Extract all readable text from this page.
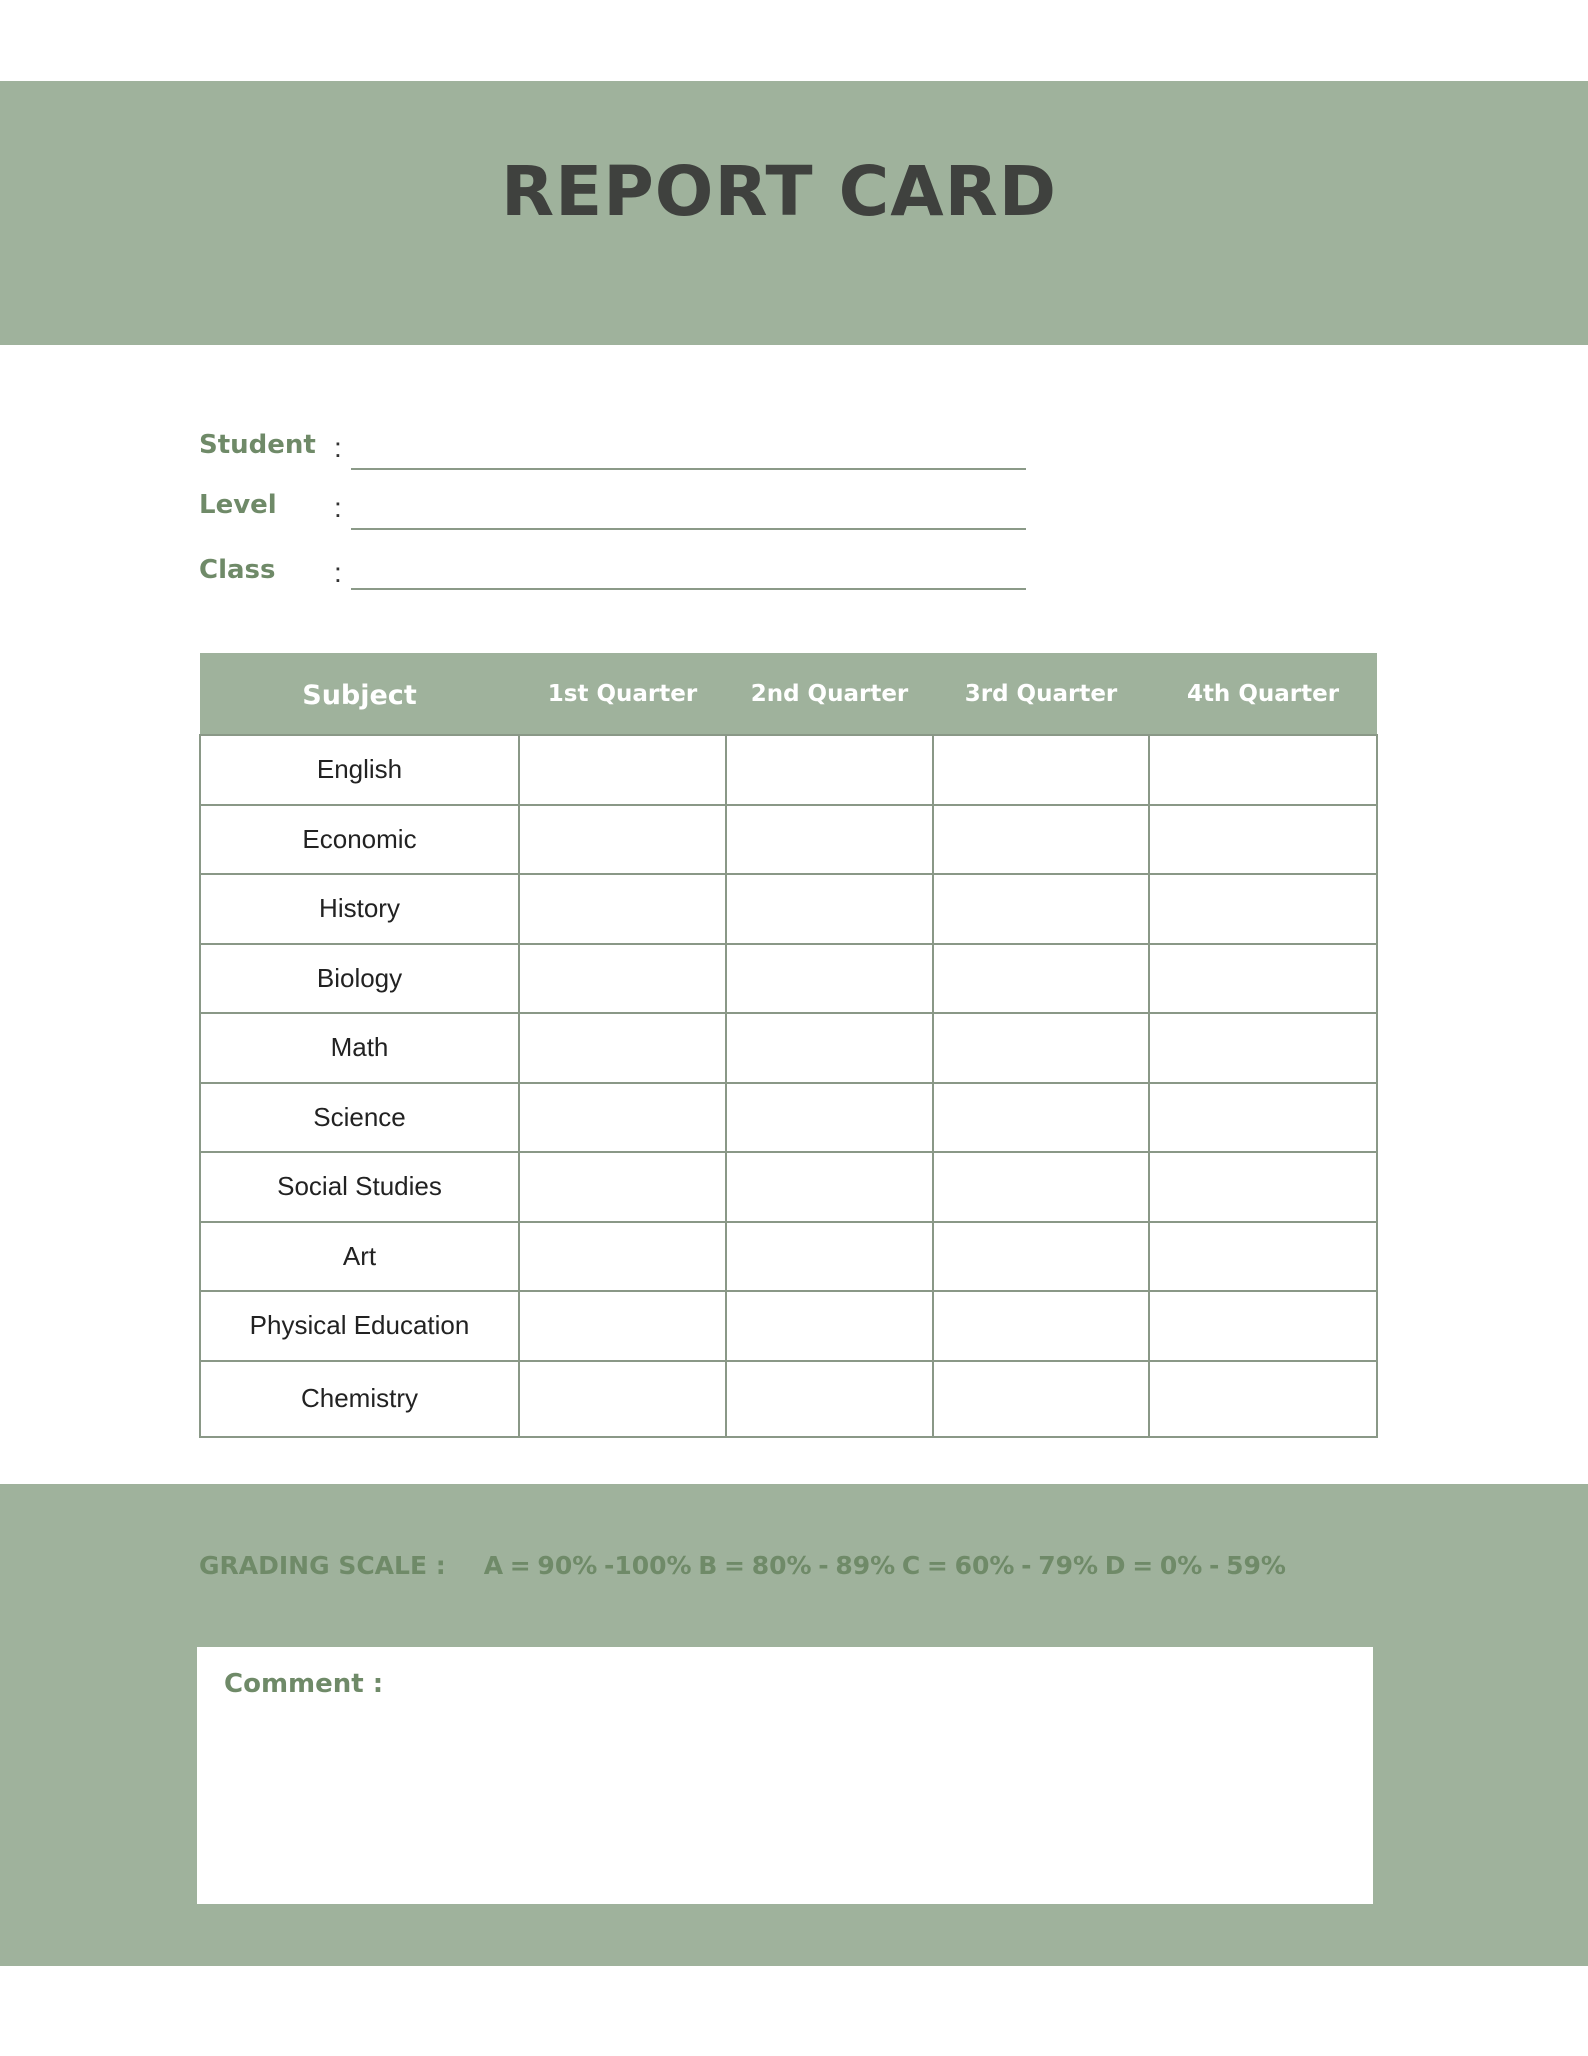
REPORT CARD
Student :
Level :
Class :
Subject	1st Quarter	2nd Quarter	3rd Quarter	4th Quarter
English				
Economic				
History				
Biology				
Math				
Science				
Social Studies				
Art				
Physical Education				
Chemistry				
GRADING SCALE : A = 90% -100% B = 80% - 89% C = 60% - 79% D = 0% - 59%
Comment :
